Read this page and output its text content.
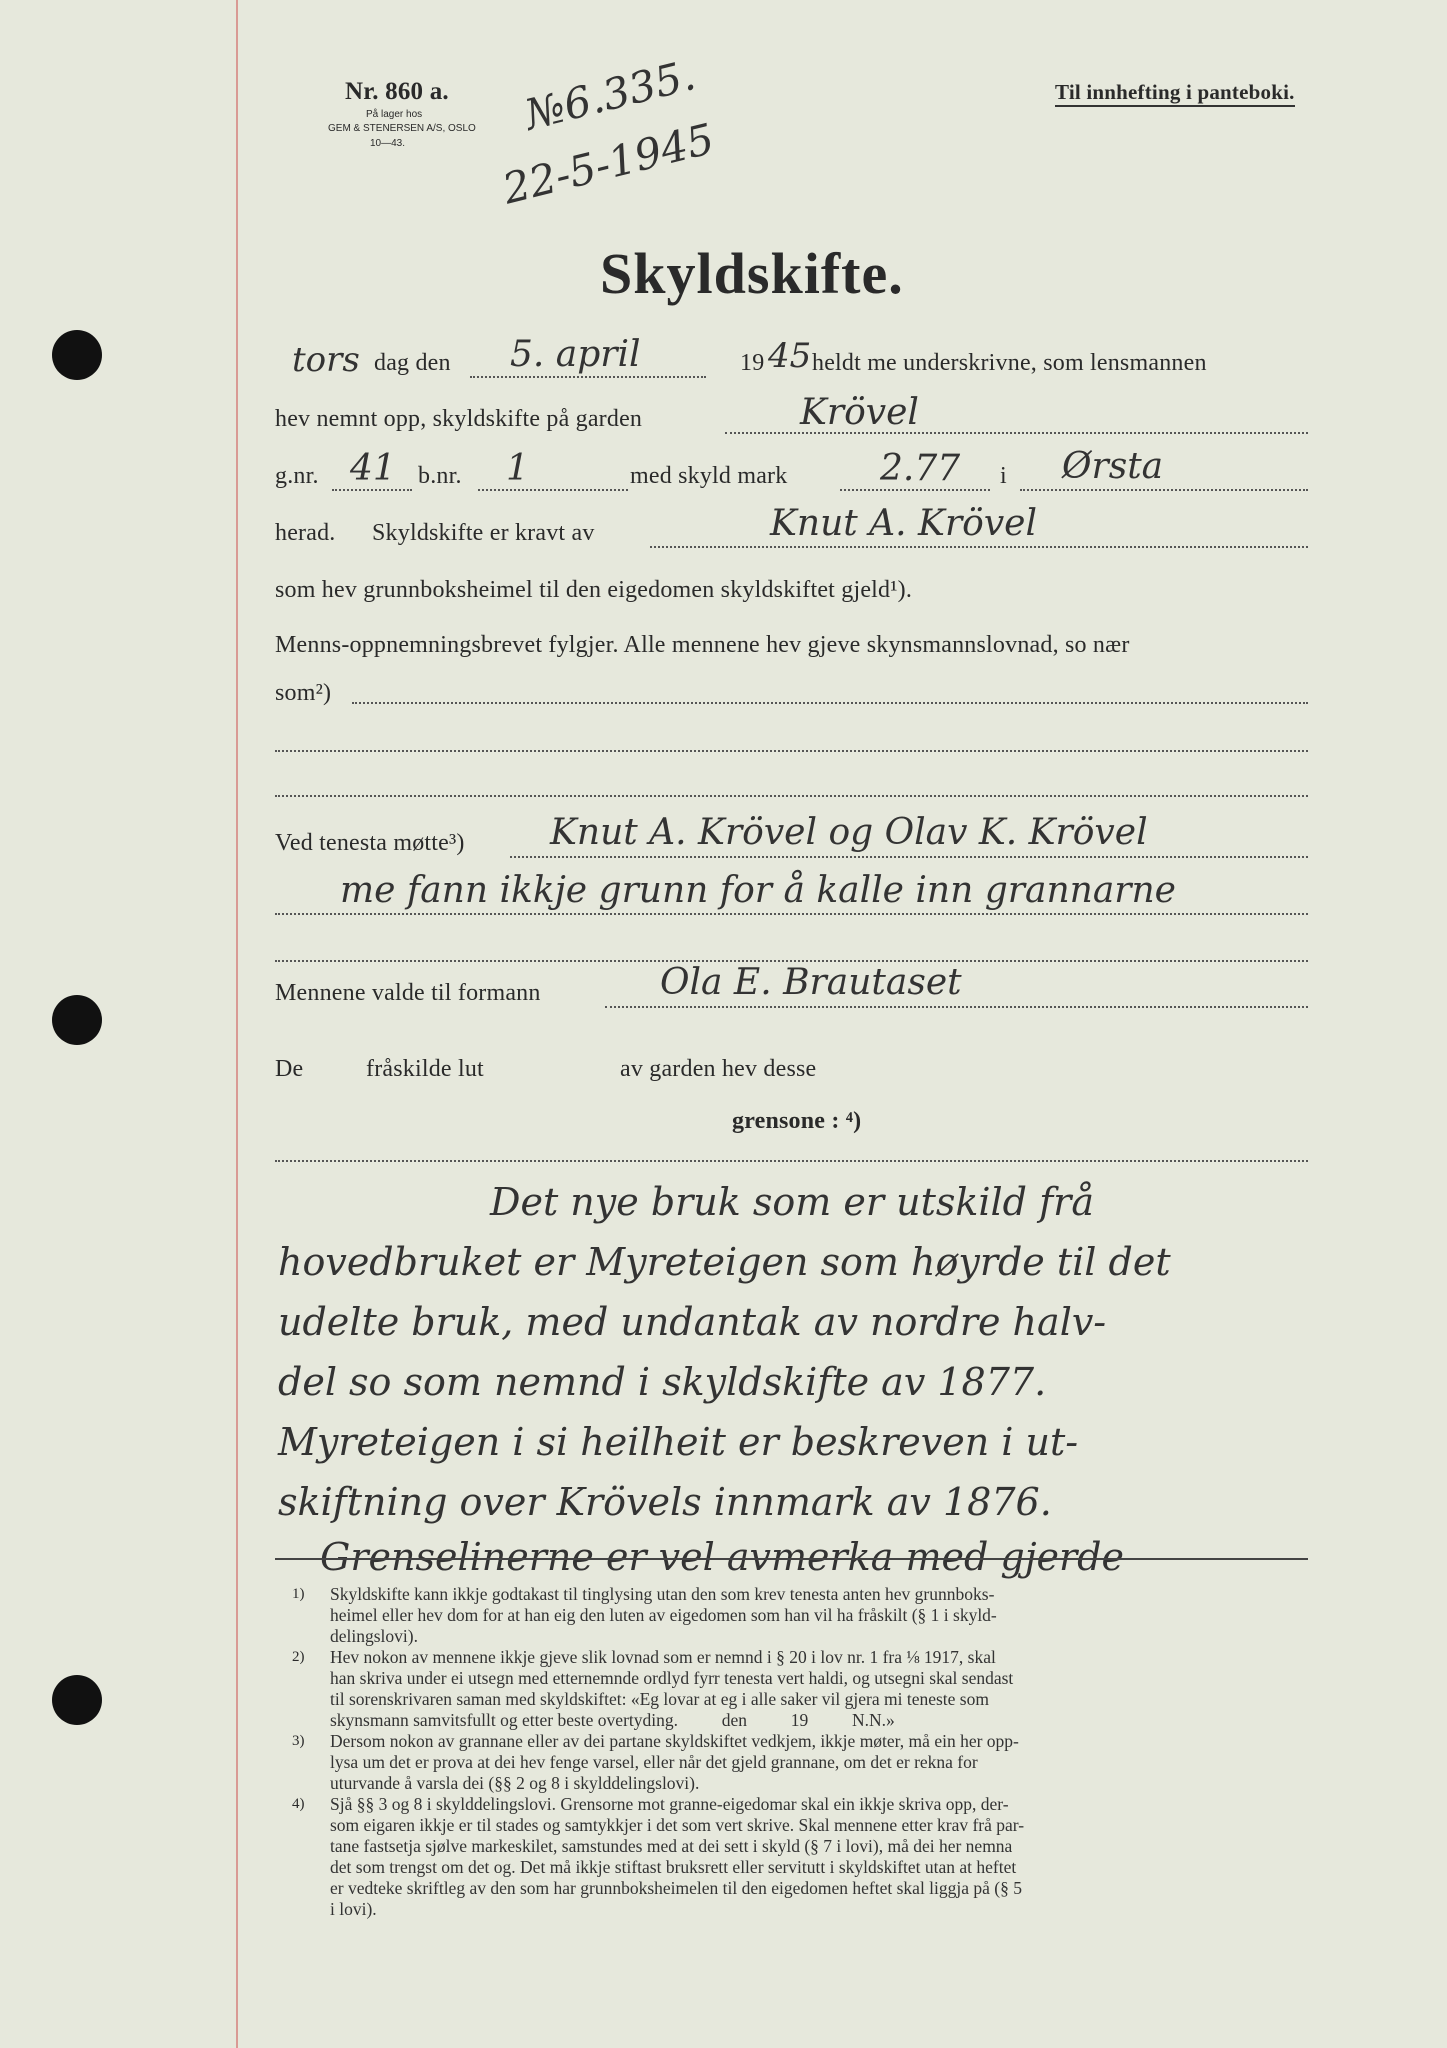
Nr. 860 a.
På lager hos
GEM & STENERSEN A/S, OSLO
10—43.
№6.335.
22-5-1945
Til innhefting i panteboki.
Skyldskifte.
tors dag den 5. april	19 45 heldt me underskrivne, som lensmannen
hev nemnt opp, skyldskifte på garden	Krövel
g.nr. 41 b.nr. 1	med skyld mark	2.77 i Ørsta
herad. Skyldskifte er kravt av	Knut A. Krövel
som hev grunnboksheimel til den eigedomen skyldskiftet gjeld¹).
Menns-oppnemningsbrevet fylgjer. Alle mennene hev gjeve skynsmannslovnad, so nær
som²)
Ved tenesta møtte³) Knut A. Krövel og Olav K. Krövel
me fann ikkje grunn for å kalle inn grannarne
Mennene valde til formann	Ola E. Brautaset
De	fråskilde lut	av garden hev desse
grensone : ⁴)
Det nye bruk som er utskild frå
hovedbruket er Myreteigen som høyrde til det
udelte bruk, med undantak av nordre halv-
del so som nemnd i skyldskifte av 1877.
Myreteigen i si heilheit er beskreven i ut-
skiftning over Krövels innmark av 1876.
Grenselinerne er vel avmerka med gjerde
1) Skyldskifte kann ikkje godtakast til tinglysing utan den som krev tenesta anten hev grunnboks-
heimel eller hev dom for at han eig den luten av eigedomen som han vil ha fråskilt (§ 1 i skyld-
delingslovi).
2) Hev nokon av mennene ikkje gjeve slik lovnad som er nemnd i § 20 i lov nr. 1 fra ⅛ 1917, skal
han skriva under ei utsegn med etternemnde ordlyd fyrr tenesta vert haldi, og utsegni skal sendast
til sorenskrivaren saman med skyldskiftet: «Eg lovar at eg i alle saker vil gjera mi teneste som
skynsmann samvitsfullt og etter beste overtyding.          den          19          N.N.»
3) Dersom nokon av grannane eller av dei partane skyldskiftet vedkjem, ikkje møter, må ein her opp-
lysa um det er prova at dei hev fenge varsel, eller når det gjeld grannane, om det er rekna for
uturvande å varsla dei (§§ 2 og 8 i skylddelingslovi).
4) Sjå §§ 3 og 8 i skylddelingslovi. Grensorne mot granne-eigedomar skal ein ikkje skriva opp, der-
som eigaren ikkje er til stades og samtykkjer i det som vert skrive. Skal mennene etter krav frå par-
tane fastsetja sjølve markeskilet, samstundes med at dei sett i skyld (§ 7 i lovi), må dei her nemna
det som trengst om det og. Det må ikkje stiftast bruksrett eller servitutt i skyldskiftet utan at heftet
er vedteke skriftleg av den som har grunnboksheimelen til den eigedomen heftet skal liggja på (§ 5
i lovi).
